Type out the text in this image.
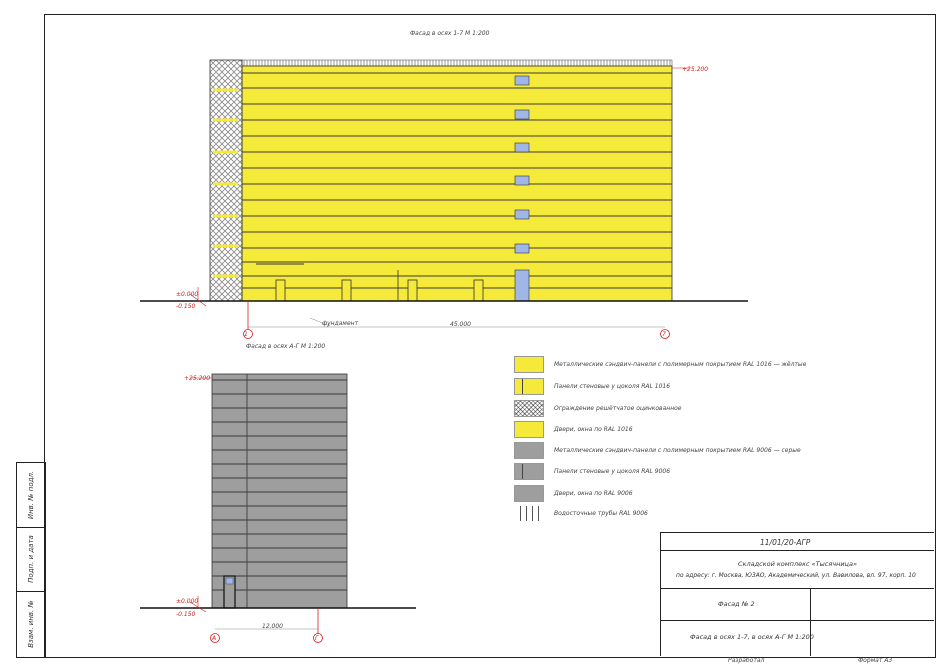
Инв. № подл.
Подп. и дата
Взам. инв. №
Фасад в осях 1-7 М 1:200
Фасад в осях А-Г М 1:200
+25.200
±0.000
-0.150
45.000
фундамент
1	7
+25.200
±0.000
-0.150
12.000
А	Г
Металлические сэндвич-панели с полимерным покрытием RAL 1016 — жёлтые
Панели стеновые у цоколя RAL 1016
Ограждение решётчатое оцинкованное
Двери, окна по RAL 1016
Металлические сэндвич-панели с полимерным покрытием RAL 9006 — серые
Панели стеновые у цоколя RAL 9006
Двери, окна по RAL 9006
Водосточные трубы RAL 9006
11/01/20-АГР
Складской комплекс «Тысячница»
по адресу: г. Москва, ЮЗАО, Академический, ул. Вавилова, вл. 97, корп. 10
Фасад № 2
Фасад в осях 1-7, в осях А-Г М 1:200
Разработал	Формат А3
